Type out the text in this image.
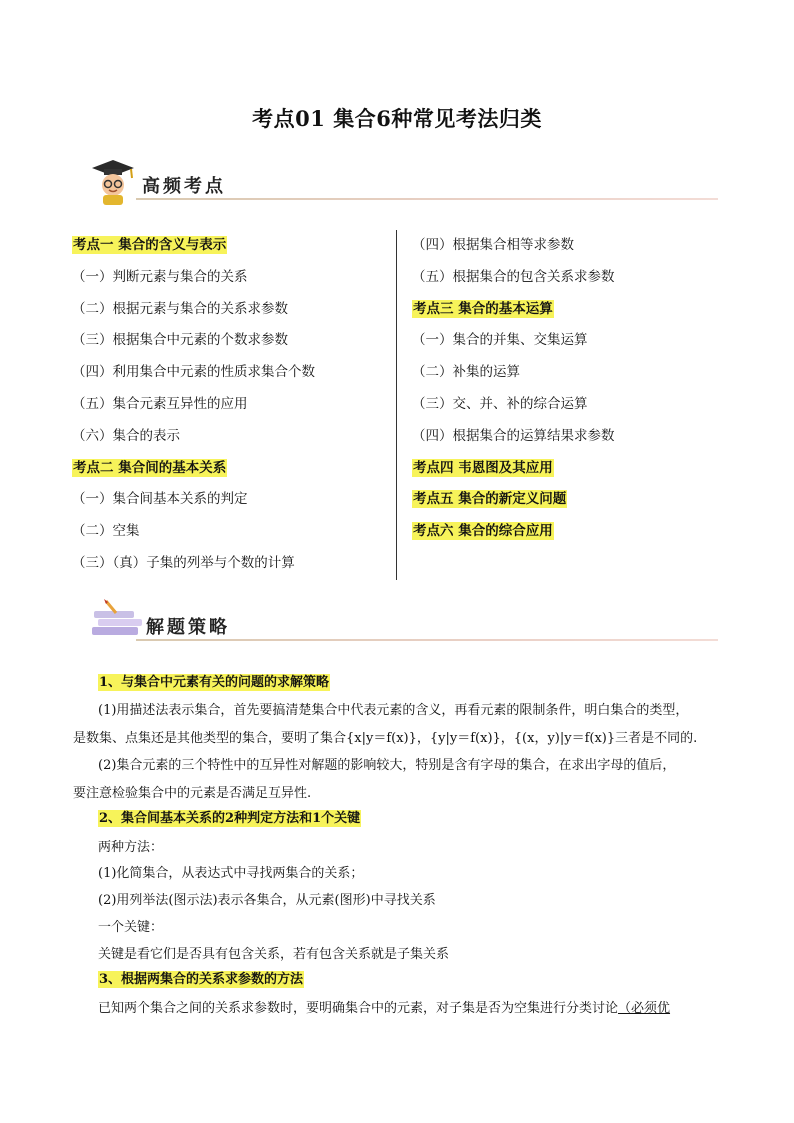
考点01 集合6种常见考法归类
高频考点
考点一 集合的含义与表示
（一）判断元素与集合的关系
（二）根据元素与集合的关系求参数
（三）根据集合中元素的个数求参数
（四）利用集合中元素的性质求集合个数
（五）集合元素互异性的应用
（六）集合的表示
考点二 集合间的基本关系
（一）集合间基本关系的判定
（二）空集
（三）（真）子集的列举与个数的计算
（四）根据集合相等求参数
（五）根据集合的包含关系求参数
考点三 集合的基本运算
（一）集合的并集、交集运算
（二）补集的运算
（三）交、并、补的综合运算
（四）根据集合的运算结果求参数
考点四 韦恩图及其应用
考点五 集合的新定义问题
考点六 集合的综合应用
解题策略
1、与集合中元素有关的问题的求解策略
(1)用描述法表示集合，首先要搞清楚集合中代表元素的含义，再看元素的限制条件，明白集合的类型，
是数集、点集还是其他类型的集合，要明了集合{x|y＝f(x)}，{y|y＝f(x)}，{(x，y)|y＝f(x)}三者是不同的.
(2)集合元素的三个特性中的互异性对解题的影响较大，特别是含有字母的集合，在求出字母的值后，
要注意检验集合中的元素是否满足互异性.
2、集合间基本关系的2种判定方法和1个关键
两种方法：
(1)化简集合，从表达式中寻找两集合的关系；
(2)用列举法(图示法)表示各集合，从元素(图形)中寻找关系
一个关键：
关键是看它们是否具有包含关系，若有包含关系就是子集关系
3、根据两集合的关系求参数的方法
已知两个集合之间的关系求参数时，要明确集合中的元素，对子集是否为空集进行分类讨论（必须优
